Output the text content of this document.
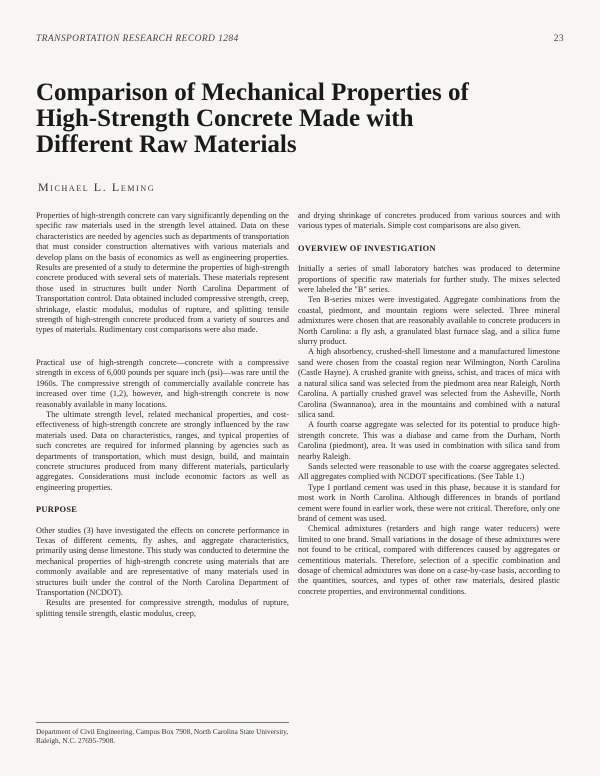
TRANSPORTATION RESEARCH RECORD 1284	23
Comparison of Mechanical Properties of
High-Strength Concrete Made with
Different Raw Materials
Michael L. Leming

Properties of high-strength concrete can vary significantly depending on the specific raw materials used in the strength level attained. Data on these characteristics are needed by agencies such as departments of transportation that must consider construction alternatives with various materials and develop plans on the basis of economics as well as engineering properties. Results are presented of a study to determine the properties of high-strength concrete produced with several sets of materials. These materials represent those used in structures built under North Carolina Department of Transportation control. Data obtained included compressive strength, creep, shrinkage, elastic modulus, modulus of rupture, and splitting tensile strength of high-strength concrete produced from a variety of sources and types of materials. Rudimentary cost comparisons were also made.

Practical use of high-strength concrete—concrete with a compressive strength in excess of 6,000 pounds per square inch (psi)—was rare until the 1960s. The compressive strength of commercially available concrete has increased over time (1,2), however, and high-strength concrete is now reasonably available in many locations.

The ultimate strength level, related mechanical properties, and cost-effectiveness of high-strength concrete are strongly influenced by the raw materials used. Data on characteristics, ranges, and typical properties of such concretes are required for informed planning by agencies such as departments of transportation, which must design, build, and maintain concrete structures produced from many different materials, particularly aggregates. Considerations must include economic factors as well as engineering properties.

PURPOSE

Other studies (3) have investigated the effects on concrete performance in Texas of different cements, fly ashes, and aggregate characteristics, primarily using dense limestone. This study was conducted to determine the mechanical properties of high-strength concrete using materials that are commonly available and are representative of many materials used in structures built under the control of the North Carolina Department of Transportation (NCDOT).

Results are presented for compressive strength, modulus of rupture, splitting tensile strength, elastic modulus, creep,

Department of Civil Engineering, Campus Box 7908, North Carolina State University, Raleigh, N.C. 27695-7908.

and drying shrinkage of concretes produced from various sources and with various types of materials. Simple cost comparisons are also given.

OVERVIEW OF INVESTIGATION

Initially a series of small laboratory batches was produced to determine proportions of specific raw materials for further study. The mixes selected were labeled the "B" series.

Ten B-series mixes were investigated. Aggregate combinations from the coastal, piedmont, and mountain regions were selected. Three mineral admixtures were chosen that are reasonably available to concrete producers in North Carolina: a fly ash, a granulated blast furnace slag, and a silica fume slurry product.

A high absorbency, crushed-shell limestone and a manufactured limestone sand were chosen from the coastal region near Wilmington, North Carolina (Castle Hayne). A crushed granite with gneiss, schist, and traces of mica with a natural silica sand was selected from the piedmont area near Raleigh, North Carolina. A partially crushed gravel was selected from the Asheville, North Carolina (Swannanoa), area in the mountains and combined with a natural silica sand.

A fourth coarse aggregate was selected for its potential to produce high-strength concrete. This was a diabase and came from the Durham, North Carolina (piedmont), area. It was used in combination with silica sand from nearby Raleigh.

Sands selected were reasonable to use with the coarse aggregates selected. All aggregates complied with NCDOT specifications. (See Table 1.)

Type I portland cement was used in this phase, because it is standard for most work in North Carolina. Although differences in brands of portland cement were found in earlier work, these were not critical. Therefore, only one brand of cement was used.

Chemical admixtures (retarders and high range water reducers) were limited to one brand. Small variations in the dosage of these admixtures were not found to be critical, compared with differences caused by aggregates or cementitious materials. Therefore, selection of a specific combination and dosage of chemical admixtures was done on a case-by-case basis, according to the quantities, sources, and types of other raw materials, desired plastic concrete properties, and environmental conditions.
